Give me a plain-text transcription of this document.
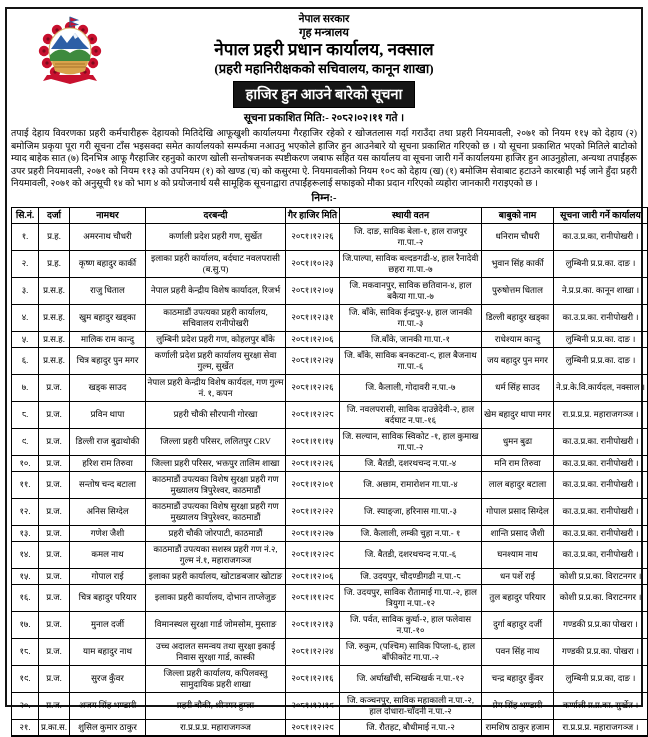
नेपाल सरकार
गृह मन्त्रालय
नेपाल प्रहरी प्रधान कार्यालय, नक्साल
(प्रहरी महानिरीक्षकको सचिवालय, कानून शाखा)
हाजिर हुन आउने बारेको सूचना
सूचना प्रकाशित मिति:- २०८२।०२।११ गते ।
तपाई देहाय विवरणका प्रहरी कर्मचारीहरू देहायको मितिदेखि आफूखुशी कार्यालयमा गैरहाजिर रहेको र खोजतलास गर्दा गराउँदा तथा प्रहरी नियमावली, २०७१ को नियम ११५ को देहाय (२) बमोजिम प्रकृया पूरा गरी सूचना टाँस भइसक्दा समेत कार्यालयको सम्पर्कमा नआउनु भएकोले हाजिर हुन आउनेबारे यो सूचना प्रकाशित गरिएको छ । यो सूचना प्रकाशित भएको मितिले बाटोको म्याद बाहेक सात (७) दिनभित्र आफू गैरहाजिर रहनुको कारण खोली सन्तोषजनक स्पष्टीकरण जबाफ सहित यस कार्यालय वा सूचना जारी गर्ने कार्यालयमा हाजिर हुन आउनुहोला, अन्यथा तपाईंहरू उपर प्रहरी नियमावली, २०७१ को नियम ११३ को उपनियम (१) को खण्ड (च) को कसुरमा ऐ. नियमावलीको नियम १०९ को देहाय (ख) (१) बमोजिम सेवाबाट हटाउने कारबाही भई जाने हुँदा प्रहरी नियमावली, २०७१ को अनुसूची १४ को भाग ४ को प्रयोजनार्थ यसै सामूहिक सूचनाद्वारा तपाईंहरूलाई सफाइको मौका प्रदान गरिएको व्यहोरा जानकारी गराइएको छ ।
निम्न:-
सि.नं.	दर्जा	नामथर	दरबन्दी	गैर हाजिर मिति	स्थायी वतन	बाबुको नाम	सूचना जारी गर्ने कार्यालय
१.	प्र.ह.	अमरनाथ चौधरी	कर्णाली प्रदेश प्रहरी गण, सुर्खेत	२०८१।१२।२६	जि. दाङ, साविक बेला-१, हाल राजपुर गा.पा.-२	धनिराम चौधरी	का.उ.प्र.का, रानीपोखरी ।
२.	प्र.ह.	कृष्ण बहादुर कार्की	इलाका प्रहरी कार्यालय, बर्दघाट नवलपरासी (ब.सु.प)	२०८१।१०।२३	जि.पाल्पा, साविक बल्दङगढी-४, हाल रैनादेवी छहरा गा.पा.-७	भुवान सिंह कार्की	लुम्बिनी प्र.प्र.का. दाङ ।
३.	प्र.स.ह.	राजु धिताल	नेपाल प्रहरी केन्द्रीय विशेष कार्यादल, रिजर्भ	२०८१।१२।०५	जि. मकवानपुर, साविक छतिवान-४, हाल बकैया गा.पा.-७	पुरुषोत्तम धिताल	ने.प्र.प्र.का. कानून शाखा ।
४.	प्र.स.ह.	खुम बहादुर खड्का	काठमाडौं उपत्यका प्रहरी कार्यालय, सचिवालय रानीपोखरी	२०८१।१२।३१	जि. बाँके, साविक ईन्द्रपुर-५, हाल जानकी गा.पा.-३	डिल्ली बहादुर खड्का	का.उ.प्र.का. रानीपोखरी ।
५.	प्र.स.ह.	मालिक राम कान्दु	लुम्बिनी प्रदेश प्रहरी गण, कोहलपुर बाँके	२०८१।१२।०६	जि.बाँके, जानकी गा.पा.-१	राधेश्याम कान्दु	लुम्बिनी प्र.प्र.का. दाङ ।
६.	प्र.स.ह.	चित्र बहादुर पुन मगर	कर्णाली प्रदेश प्रहरी कार्यालय सुरक्षा सेवा गुल्म, सुर्खेत	२०८१।१२।२५	जि. बाँके, साविक बनकटवा-९, हाल बैजनाथ गा.पा.-६	जय बहादुर पुन मगर	लुम्बिनी प्र.प्र.का. दाङ ।
७.	प्र.ज.	खड्क साउद	नेपाल प्रहरी केन्द्रीय विशेष कार्यदल, गण गुल्म नं. १, कपन	२०८१।१२।२६	जि. कैलाली, गोदावरी न.पा.-७	धर्म सिंह साउद	ने.प्र.के.वि.कार्यदल, नक्साल ।
८.	प्र.ज.	प्रविन थापा	प्रहरी चौकी सौरपानी गोरखा	२०८१।१२।२८	जि. नवलपरासी, साविक दाउन्नेदेवी-२, हाल बर्दघाट न.पा.-१६	खेम बहादुर थापा मगर	रा.प्र.प्र.प्र. महाराजगञ्ज ।
९.	प्र.ज.	डिल्ली राज बुढाथोकी	जिल्ला प्रहरी परिसर, ललितपुर CRV	२०८१।११।१५	जि. सल्यान, साविक स्विकोट -१, हाल कुमाख गा.पा.-२	धुमन बुढा	का.उ.प्र.का. रानीपोखरी ।
१०.	प्र.ज.	हरिश राम तिरुवा	जिल्ला प्रहरी परिसर, भक्तपुर तालिम शाखा	२०८१।१२।२६	जि. बैतडी, दशरथचन्द न.पा.-४	मनि राम तिरुवा	का.उ.प्र.का. रानीपोखरी ।
११.	प्र.ज.	सन्तोष चन्द बटाला	काठमाडौं उपत्यका विशेष सुरक्षा प्रहरी गण मुख्यालय त्रिपुरेश्वर, काठमाडौं	२०८१।१२।०१	जि. अछाम, रामारोशन गा.पा.-४	लाल बहादुर बटाला	का.उ.प्र.का. रानीपोखरी ।
१२.	प्र.ज.	अनिस सिग्देल	काठमाडौं उपत्यका विशेष सुरक्षा प्रहरी गण मुख्यालय त्रिपुरेश्वर, काठमाडौं	२०८१।१२।२२	जि. स्याङ्जा, हरिनास गा.पा.-३	गोपाल प्रसाद सिग्देल	का.उ.प्र.का. रानीपोखरी ।
१३.	प्र.ज.	गणेश जैशी	प्रहरी चौकी जोरपाटी, काठमाडौं	२०८१।१२।२७	जि. कैलाली, लम्की चुहा न.पा.- १	शान्ति प्रसाद जैशी	का.उ.प्र.का. रानीपोखरी ।
१४.	प्र.ज.	कमल नाथ	काठमाडौं उपत्यका सशस्त्र प्रहरी गण नं.२, गुल्म नं.१, महाराजगञ्ज	२०८१।१२।२९	जि. बैतडी, दशरथचन्द न.पा.-६	घनश्याम नाथ	का.उ.प्र.का, रानीपोखरी ।
१५.	प्र.ज.	गोपाल राई	इलाका प्रहरी कार्यालय, खोटाङबजार खोटाङ	२०८१।१२।०६	जि. उदयपुर, चौदण्डीगढी न.पा.-८	धन पर्शे राई	कोशी प्र.प्र.का. विराटनगर ।
१६.	प्र.ज.	चित्र बहादुर परियार	इलाका प्रहरी कार्यालय, दोभान ताप्लेजुङ	२०८१।११।२९	जि. उदयपुर, साविक रौतामाई गा.पा.-२, हाल त्रियुगा न.पा.-१२	तुल बहादुर परियार	कोशी प्र.प्र.का. विराटनगर ।
१७.	प्र.ज.	मुनाल दर्जी	विमानस्थल सुरक्षा गार्ड जोमसोम, मुस्ताङ	२०८१।१२।१३	जि. पर्वत, साविक कुर्घा-२, हाल फलेवास न.पा.-१०	दुर्गा बहादुर दर्जी	गण्डकी प्र.प्र.का पोखरा ।
१८.	प्र.ज.	याम बहादुर नाथ	उच्च अदालत समन्वय तथा सुरक्षा इकाई निवास सुरक्षा गार्ड, कास्की	२०८१।१२।२४	जि. रुकुम, (पश्चिम) साविक पिप्ला-६, हाल बाँफीकोट गा.पा.-२	पवन सिंह नाथ	गण्डकी प्र.प्र.का. पोखरा ।
१९.	प्र.ज.	सुरज कुँवर	जिल्ला प्रहरी कार्यालय, कपिलवस्तु सामुदायिक प्रहरी शाखा	२०८१।१२।१६	जि. अर्घाखाँची, सन्धिखर्क न.पा.-१२	चन्द्र बहादुर कुँवर	लुम्बिनी प्र.प्र.का, दाङ ।
२०.	प्र.ज.	अजय सिंह भण्डारी	प्रहरी चौकी, श्रीनगर हुम्ला	२०८१।१२।१९	जि. कञ्चनपुर, साविक महाकाली न.पा.-२, हाल दोधारा-चाँदनी न.पा.-२	प्रेम सिंह भण्डारी	कर्णाली प्र.प्र.का. सुर्खेत ।
२१.	प्र.का.स.	शुसिल कुमार ठाकुर	रा.प्र.प्र.प्र. महाराजगञ्ज	२०८१।१२।२९	जि. रौतहट, बौधीमाई न.पा.-२	रामशिष ठाकुर हजाम	रा.प्र.प्र.प्र. महाराजगञ्ज ।
